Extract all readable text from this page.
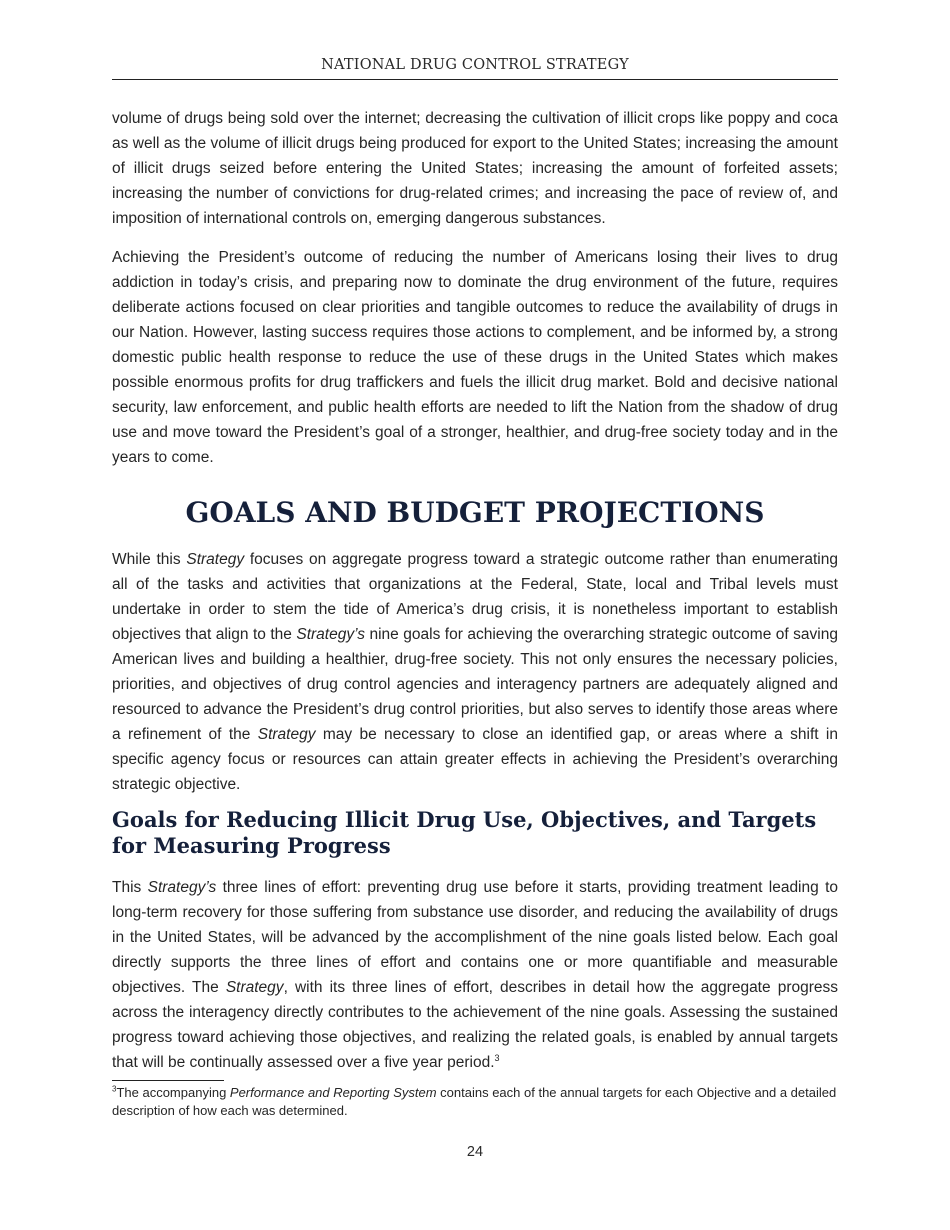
NATIONAL DRUG CONTROL STRATEGY

volume of drugs being sold over the internet; decreasing the cultivation of illicit crops like poppy and coca as well as the volume of illicit drugs being produced for export to the United States; increasing the amount of illicit drugs seized before entering the United States; increasing the amount of forfeited assets; increasing the number of convictions for drug-related crimes; and increasing the pace of review of, and imposition of international controls on, emerging dangerous substances.

Achieving the President’s outcome of reducing the number of Americans losing their lives to drug addiction in today’s crisis, and preparing now to dominate the drug environment of the future, requires deliberate actions focused on clear priorities and tangible outcomes to reduce the availability of drugs in our Nation. However, lasting success requires those actions to complement, and be informed by, a strong domestic public health response to reduce the use of these drugs in the United States which makes possible enormous profits for drug traffickers and fuels the illicit drug market. Bold and decisive national security, law enforcement, and public health efforts are needed to lift the Nation from the shadow of drug use and move toward the President’s goal of a stronger, healthier, and drug-free society today and in the years to come.

GOALS AND BUDGET PROJECTIONS

While this Strategy focuses on aggregate progress toward a strategic outcome rather than enumerating all of the tasks and activities that organizations at the Federal, State, local and Tribal levels must undertake in order to stem the tide of America’s drug crisis, it is nonetheless important to establish objectives that align to the Strategy’s nine goals for achieving the overarching strategic outcome of saving American lives and building a healthier, drug-free society. This not only ensures the necessary policies, priorities, and objectives of drug control agencies and interagency partners are adequately aligned and resourced to advance the President’s drug control priorities, but also serves to identify those areas where a refinement of the Strategy may be necessary to close an identified gap, or areas where a shift in specific agency focus or resources can attain greater effects in achieving the President’s overarching strategic objective.

Goals for Reducing Illicit Drug Use, Objectives, and Targets for Measuring Progress

This Strategy’s three lines of effort: preventing drug use before it starts, providing treatment leading to long-term recovery for those suffering from substance use disorder, and reducing the availability of drugs in the United States, will be advanced by the accomplishment of the nine goals listed below. Each goal directly supports the three lines of effort and contains one or more quantifiable and measurable objectives. The Strategy, with its three lines of effort, describes in detail how the aggregate progress across the interagency directly contributes to the achievement of the nine goals. Assessing the sustained progress toward achieving those objectives, and realizing the related goals, is enabled by annual targets that will be continually assessed over a five year period.$^3$

$^3$The accompanying Performance and Reporting System contains each of the annual targets for each Objective and a detailed description of how each was determined.

24
